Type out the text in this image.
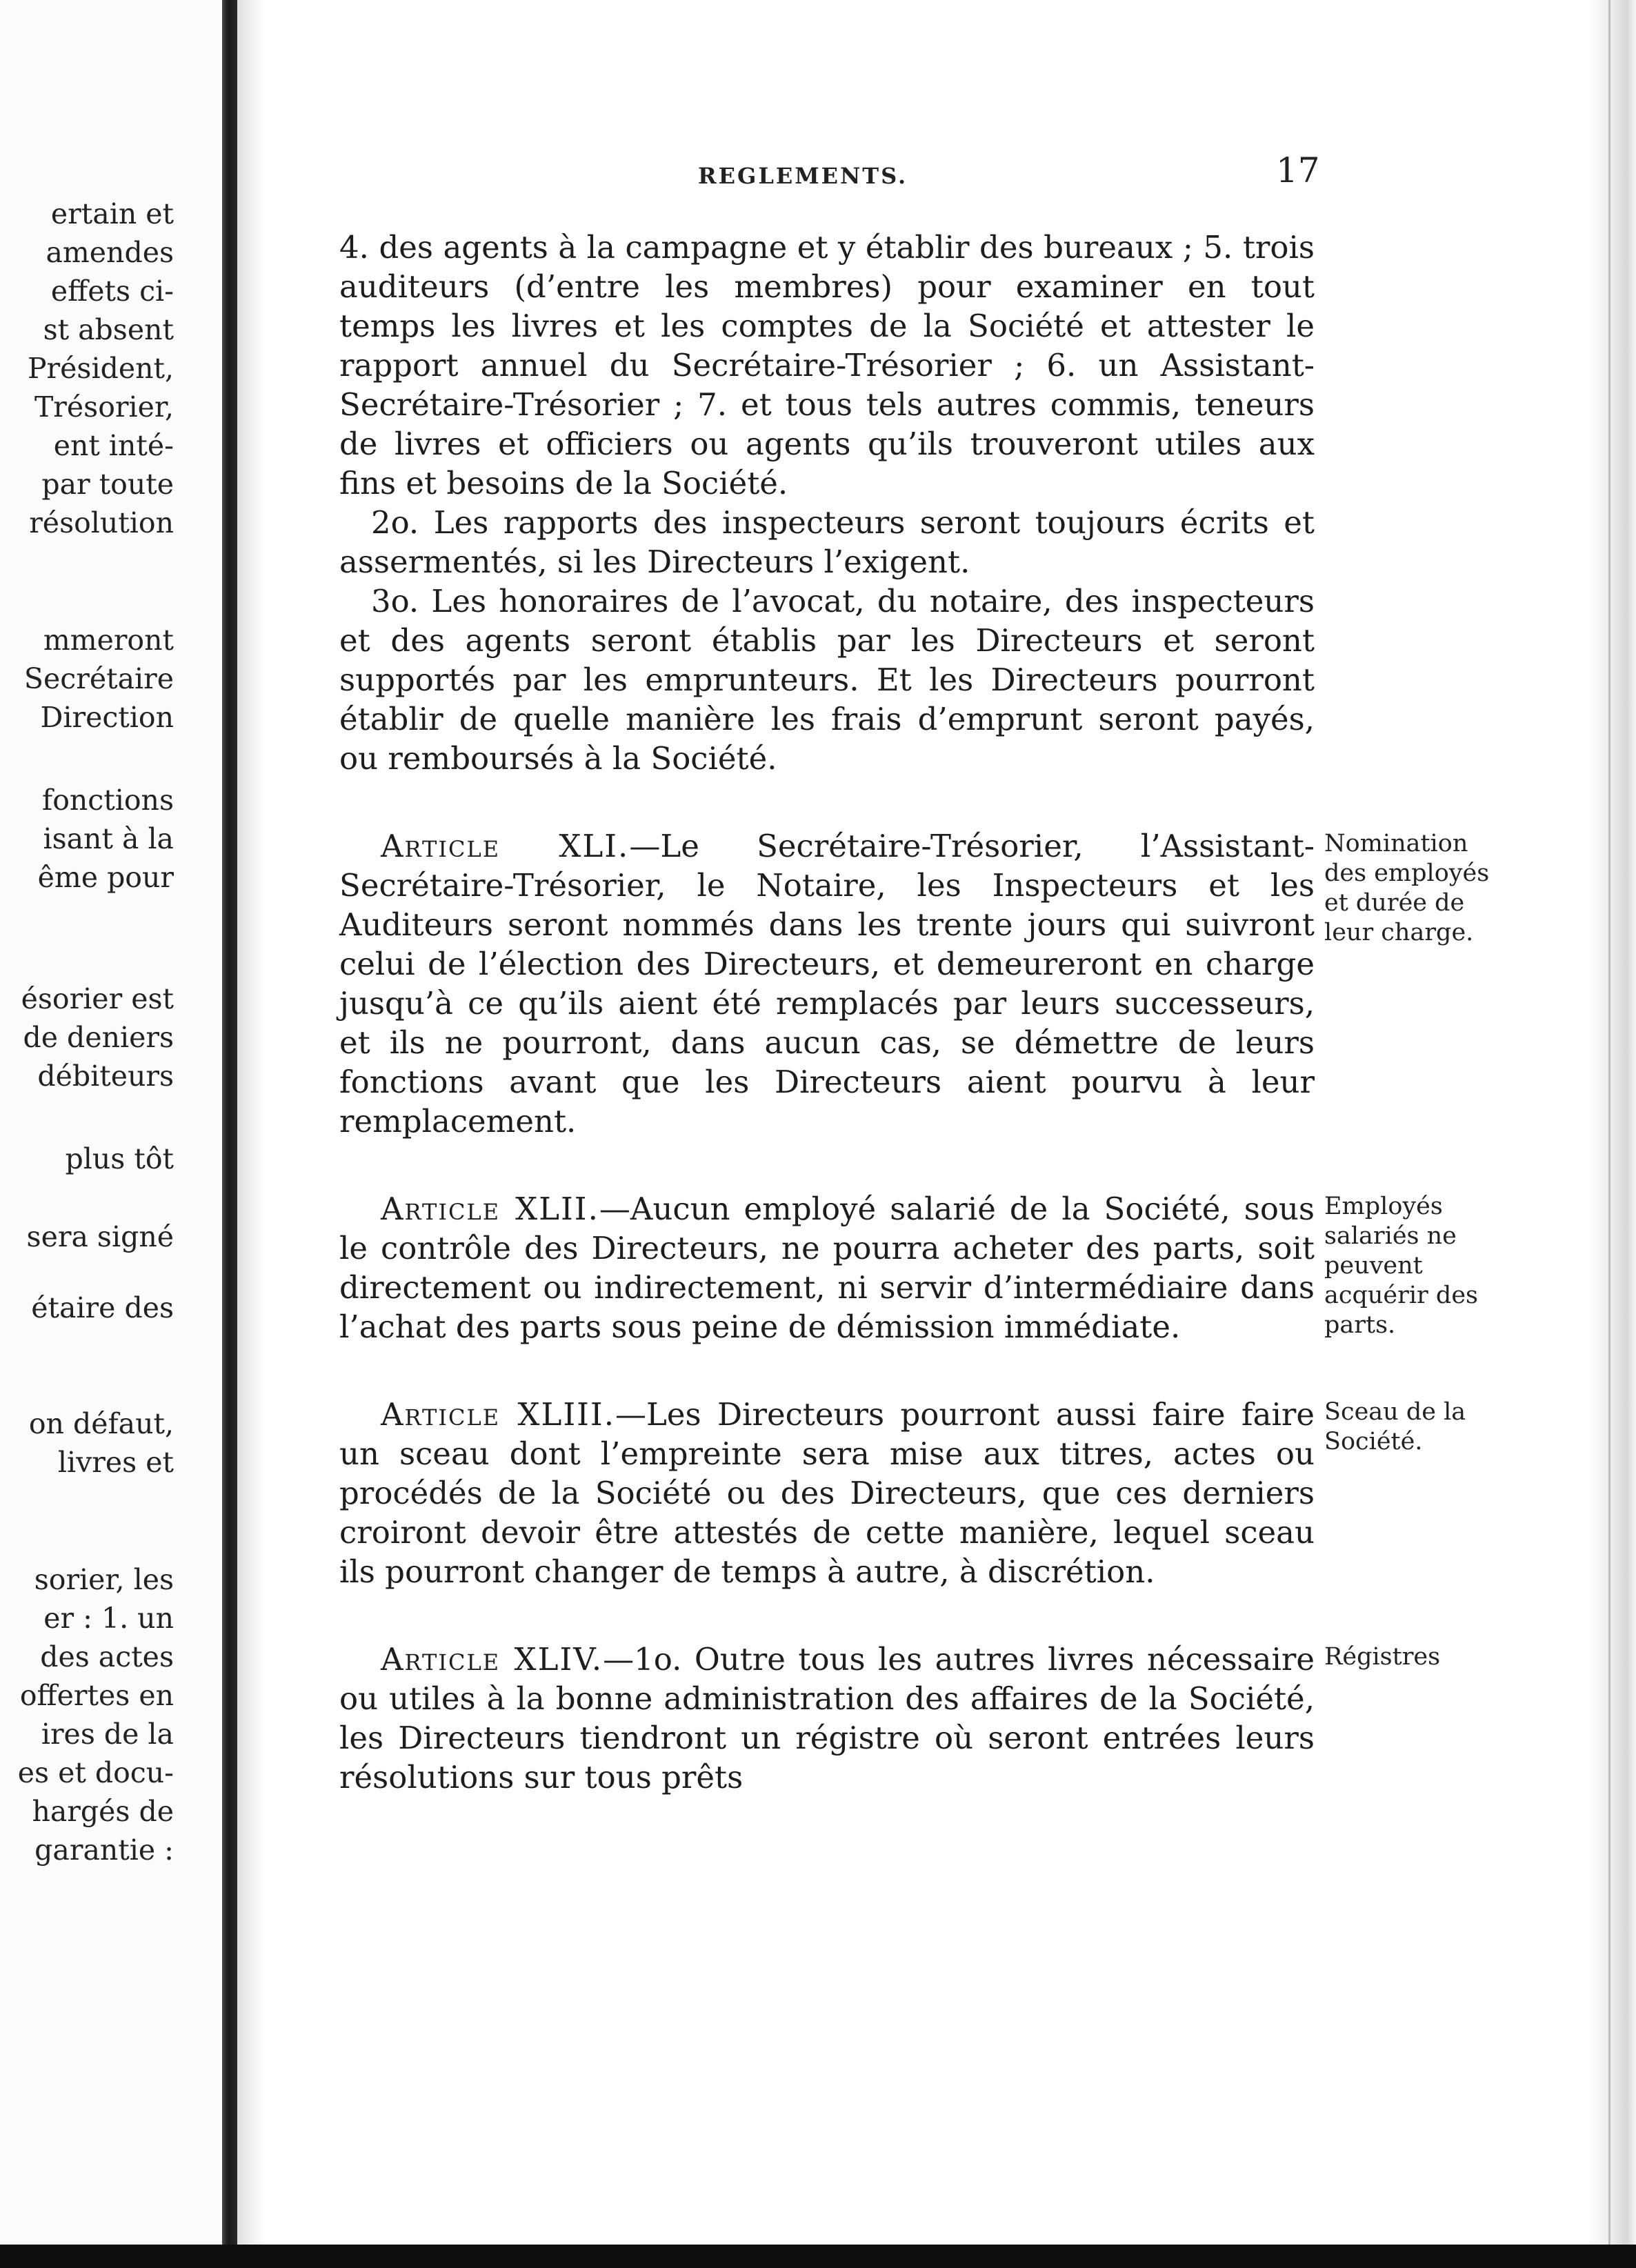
ertain et
amendes
effets ci-
st absent
Président,
Trésorier,
ent inté-
par toute
résolution
mmeront
Secrétaire
Direction
fonctions
isant à la
ême pour
ésorier est
de deniers
débiteurs
plus tôt
sera signé
étaire des
on défaut,
livres et
sorier, les
er : 1. un
des actes
offertes en
ires de la
es et docu-
hargés de
garantie :
REGLEMENTS.	17

4. des agents à la campagne et y établir des bureaux ; 5. trois auditeurs (d’entre les membres) pour examiner en tout temps les livres et les comptes de la Société et attester le rapport annuel du Secrétaire-Trésorier ; 6. un Assistant-Secrétaire-Trésorier ; 7. et tous tels autres commis, teneurs de livres et officiers ou agents qu’ils trouveront utiles aux fins et besoins de la Société.

2o. Les rapports des inspecteurs seront toujours écrits et assermentés, si les Directeurs l’exigent.

3o. Les honoraires de l’avocat, du notaire, des inspecteurs et des agents seront établis par les Directeurs et seront supportés par les emprunteurs. Et les Directeurs pourront établir de quelle manière les frais d’emprunt seront payés, ou remboursés à la Société.

Article XLI.—Le Secrétaire-Trésorier, l’Assistant-Secrétaire-Trésorier, le Notaire, les Inspecteurs et les Auditeurs seront nommés dans les trente jours qui suivront celui de l’élection des Directeurs, et demeureront en charge jusqu’à ce qu’ils aient été remplacés par leurs successeurs, et ils ne pourront, dans aucun cas, se démettre de leurs fonctions avant que les Directeurs aient pourvu à leur remplacement.

Article XLII.—Aucun employé salarié de la Société, sous le contrôle des Directeurs, ne pourra acheter des parts, soit directement ou indirectement, ni servir d’intermédiaire dans l’achat des parts sous peine de démission immédiate.

Article XLIII.—Les Directeurs pourront aussi faire faire un sceau dont l’empreinte sera mise aux titres, actes ou procédés de la Société ou des Directeurs, que ces derniers croiront devoir être attestés de cette manière, lequel sceau ils pourront changer de temps à autre, à discrétion.

Article XLIV.—1o. Outre tous les autres livres nécessaire ou utiles à la bonne administration des affaires de la Société, les Directeurs tiendront un régistre où seront entrées leurs résolutions sur tous prêts

Nomination des employés et durée de leur charge.
Employés salariés ne peuvent acquérir des parts.
Sceau de la Société.
Régistres
